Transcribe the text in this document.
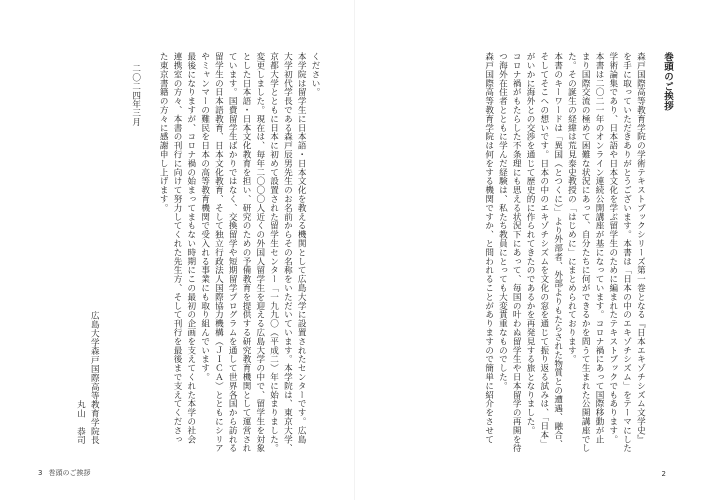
ください。
本学院は留学生に日本語・日本文化を教える機関として広島大学に設置されたセンターです。広島
大学初代学長である森戸辰男先生のお名前からその名称をいただいています。本学院は、東京大学、
京都大学とともに日本に初めて設置された留学生センター「一九九〇（平成二）年に始まりました。
変更しました。現在は、毎年二〇〇〇人近くの外国人留学生を迎える広島大学の中で、留学生を対象
とした日本語・日本文化教育を担い、研究のための予備教育を提供する研究教育機関として運営され
ています。国費留学生ばかりではなく、交換留学や短期留学プログラムを通して世界各国から訪れる
留学生の日本語教育、日本文化教育、そして独立行政法人国際協力機構（ＪＩＣＡ）とともにシリア
やミャンマーの難民を日本の高等教育機関で受入れる事業にも取り組んでいます。
最後になりますが、コロナ禍の始まってまもない時期にこの最初の企画を支えてくれた本学の社会
連携室の方々、本書の刊行に向けて努力してくれた先生方、そして刊行を最後まで支えてくださっ
た東京書籍の方々に感謝申し上げます。
二〇二四年三月
広島大学森戸国際高等教育学院長
丸山　恭司
3 巻頭のご挨拶
巻頭のご挨拶
森戸国際高等教育学院の学術テキストブックシリーズ第一巻となる『日本エキゾチシズム文学史』
を手に取っていただきありがとうございます。本書は「日本の中のエキゾチシズム」をテーマにした
学術論集であり、日本語や日本文化を学ぶ留学生のために編まれたテキストブックでもあります。
本書は二〇二一年のオンライン連続公開講座が基になっています。コロナ禍にあって国際移動が止
まり国際交流の極めて困難な状況にあって、自分たちに何ができるかを問うて生まれた公開講座でし
た。その誕生の経緯は荒見泰史教授の「はじめに」にまとめられております。
本書のキーワードは「異国（とつくに）」より外部者、外部よりもたらされた物質との遭遇、融合、
そしてそこへの想いです。日本の中のエキゾチシズムを文化の窓を通じて振り返る試みは、「日本」
がいかに海外との交渉を通じて歴史的に作られてきたのであるかを再発見する旅となりました。
コロナ禍がもたらした不条理にも思える状況下にあって、毎国の叶わぬ留学生や日本留学の再開を待
つ海外在住者とともに学んだ経験は、私たち教員にとっても大変貴重なものでした。
森戸国際高等教育学院は何をする機関ですか、と問われることがありますので簡単に紹介をさせて
2
